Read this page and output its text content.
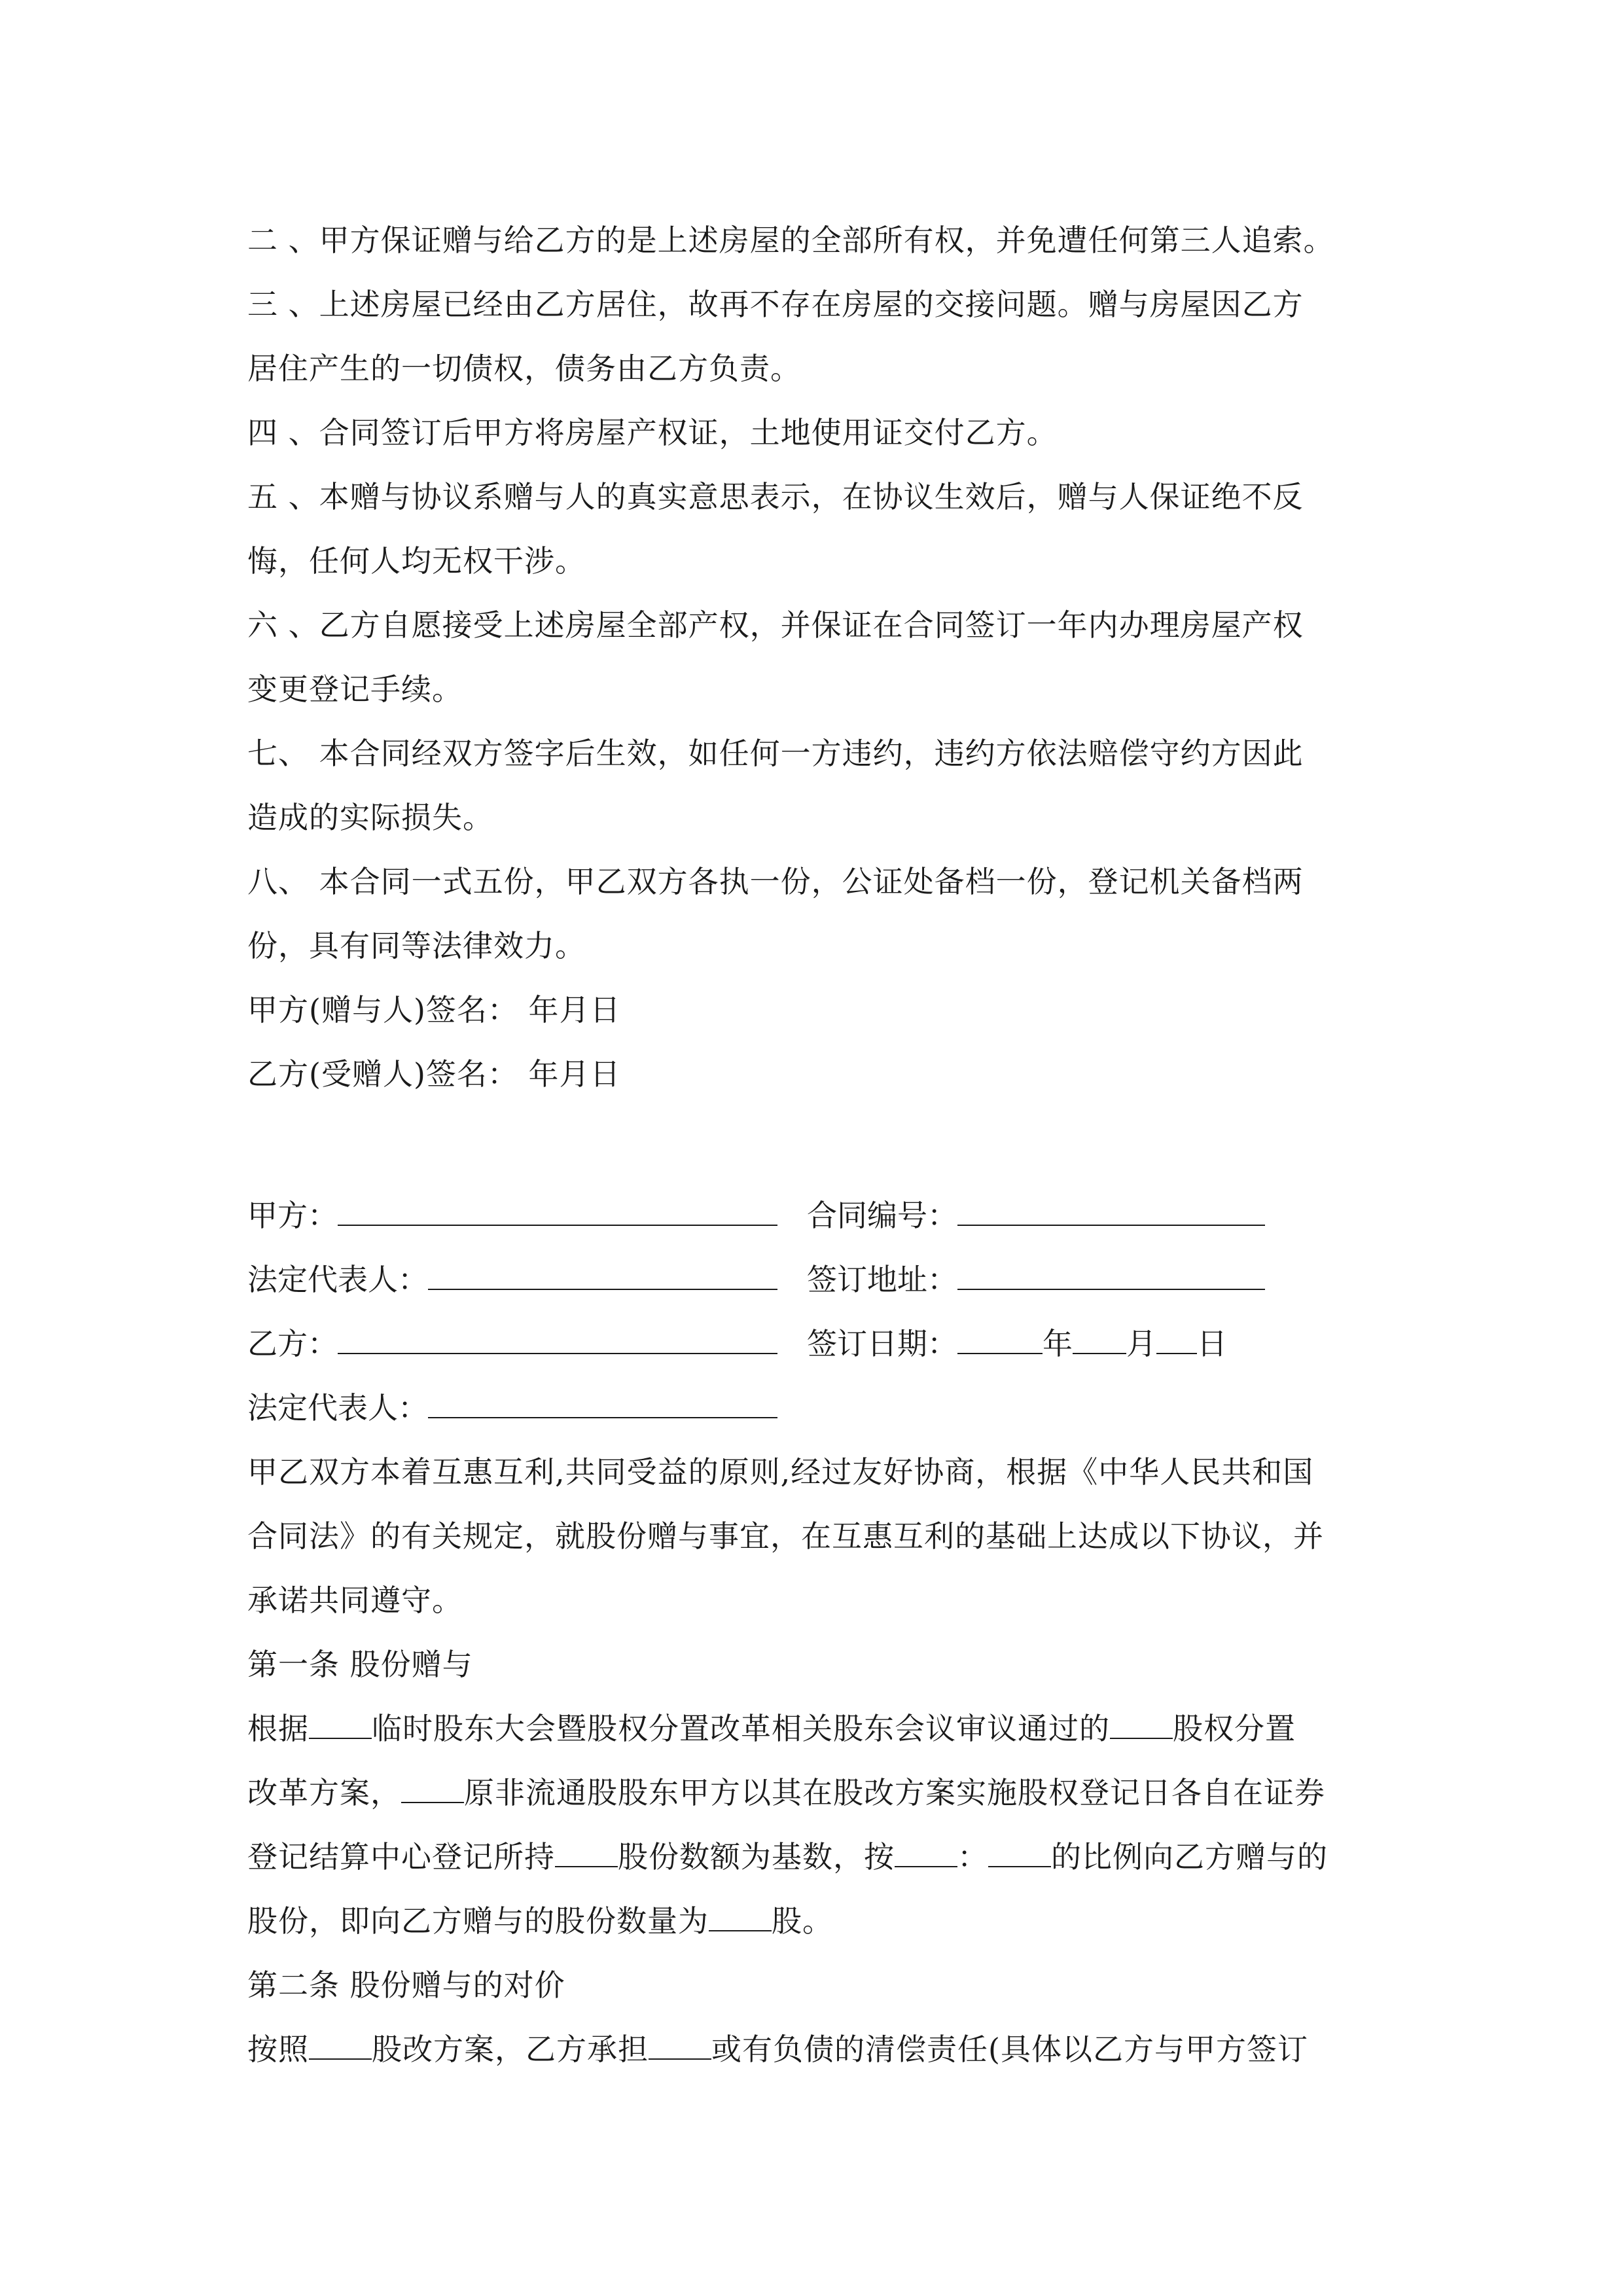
二 、甲方保证赠与给乙方的是上述房屋的全部所有权，并免遭任何第三人追索。
三 、上述房屋已经由乙方居住，故再不存在房屋的交接问题。赠与房屋因乙方
居住产生的一切债权，债务由乙方负责。
四 、合同签订后甲方将房屋产权证，土地使用证交付乙方。
五 、本赠与协议系赠与人的真实意思表示，在协议生效后，赠与人保证绝不反
悔，任何人均无权干涉。
六 、乙方自愿接受上述房屋全部产权，并保证在合同签订一年内办理房屋产权
变更登记手续。
七、 本合同经双方签字后生效，如任何一方违约，违约方依法赔偿守约方因此
造成的实际损失。
八、 本合同一式五份，甲乙双方各执一份，公证处备档一份，登记机关备档两
份，具有同等法律效力。
甲方(赠与人)签名： 年月日
乙方(受赠人)签名： 年月日
甲方：	合同编号：
法定代表人：	签订地址：
乙方：	签订日期：	年 月 日
法定代表人：
甲乙双方本着互惠互利,共同受益的原则,经过友好协商，根据《中华人民共和国
合同法》的有关规定，就股份赠与事宜，在互惠互利的基础上达成以下协议，并
承诺共同遵守。
第一条 股份赠与
根据 临时股东大会暨股权分置改革相关股东会议审议通过的 股权分置
改革方案， 原非流通股股东甲方以其在股改方案实施股权登记日各自在证券
登记结算中心登记所持 股份数额为基数，按 ： 的比例向乙方赠与的
股份，即向乙方赠与的股份数量为 股。
第二条 股份赠与的对价
按照 股改方案，乙方承担 或有负债的清偿责任(具体以乙方与甲方签订
